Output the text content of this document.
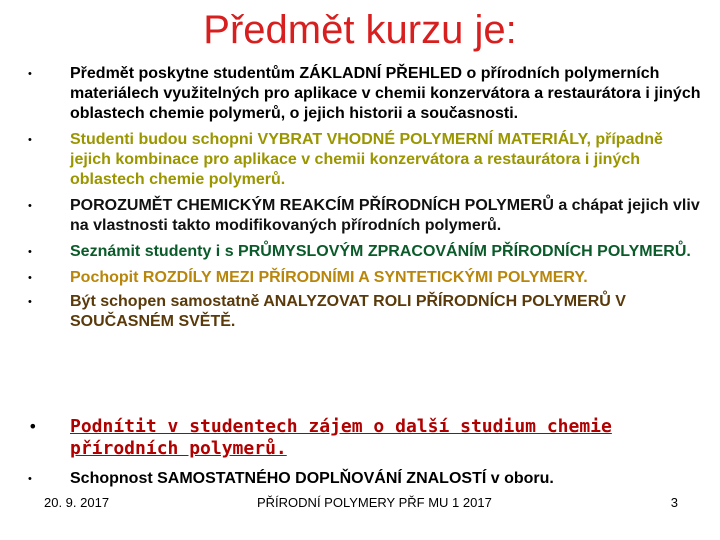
Předmět kurzu je:
• Předmět poskytne studentům ZÁKLADNÍ PŘEHLED o přírodních polymerních materiálech využitelných pro aplikace v chemii konzervátora a restaurátora i jiných oblastech chemie polymerů, o jejich historii a současnosti.
• Studenti budou schopni VYBRAT VHODNÉ POLYMERNÍ MATERIÁLY, případně jejich kombinace pro aplikace v chemii konzervátora a restaurátora i jiných oblastech chemie polymerů.
• POROZUMĚT CHEMICKÝM REAKCÍM PŘÍRODNÍCH POLYMERŮ a chápat jejich vliv na vlastnosti takto modifikovaných přírodních polymerů.
• Seznámit studenty i s PRŮMYSLOVÝM ZPRACOVÁNÍM PŘÍRODNÍCH POLYMERŮ.
• Pochopit ROZDÍLY MEZI PŘÍRODNÍMI A SYNTETICKÝMI POLYMERY.
• Být schopen samostatně ANALYZOVAT ROLI PŘÍRODNÍCH POLYMERŮ V SOUČASNÉM SVĚTĚ.
• Podnítit v studentech zájem o další studium chemie přírodních polymerů.
• Schopnost SAMOSTATNÉHO DOPLŇOVÁNÍ ZNALOSTÍ v oboru.
20. 9. 2017	PŘÍRODNÍ POLYMERY PŘF MU 1 2017	3
